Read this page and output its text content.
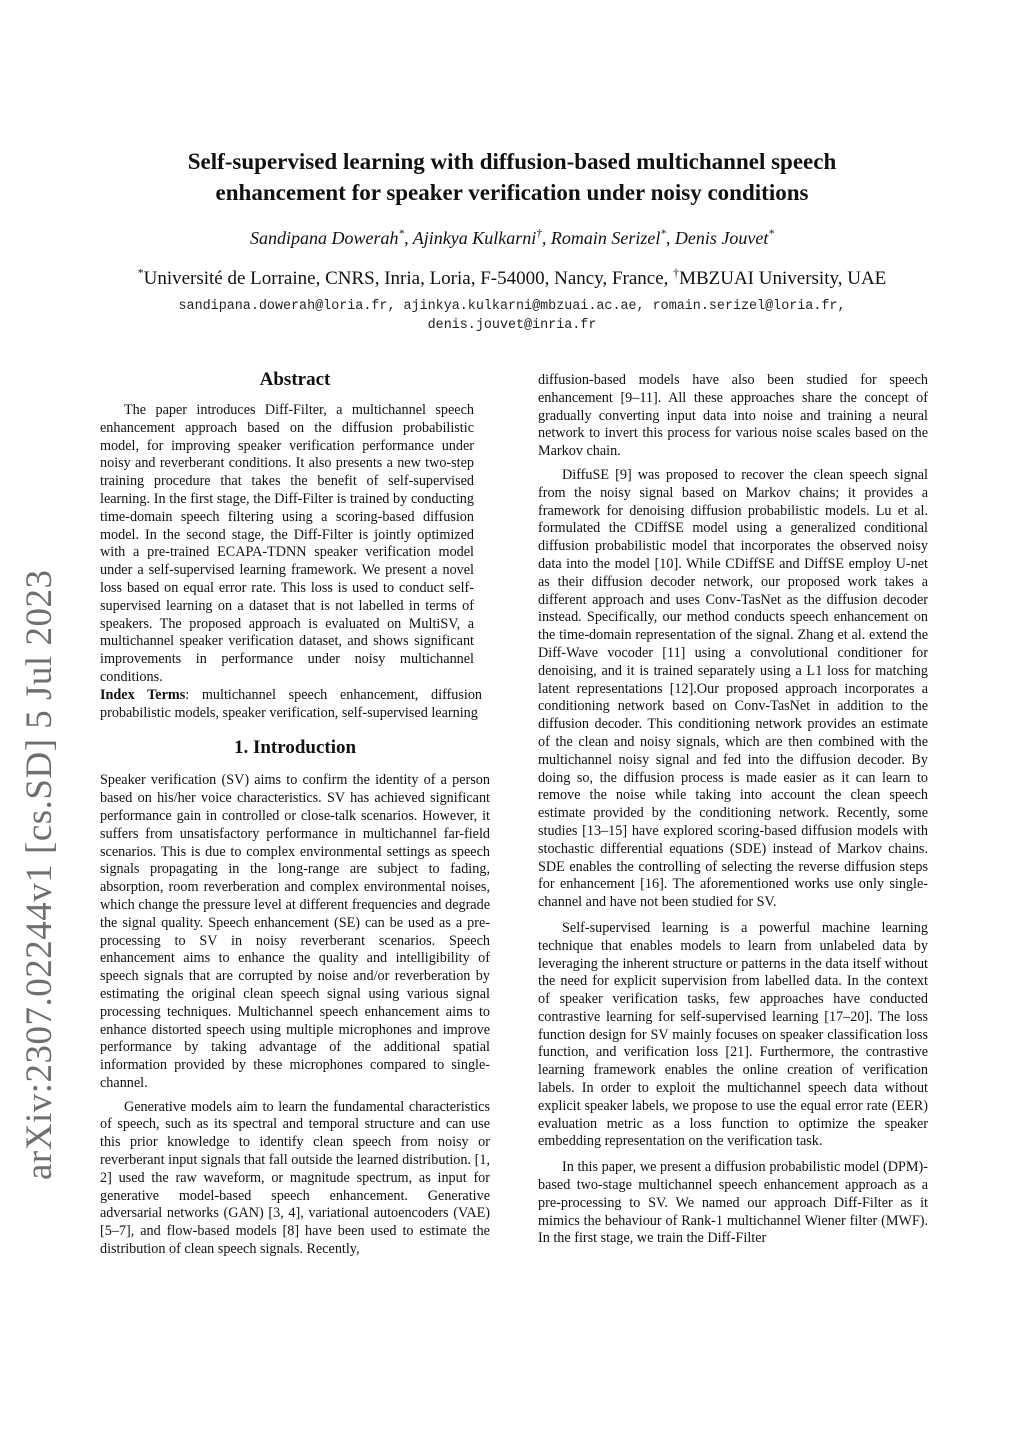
arXiv:2307.02244v1 [cs.SD] 5 Jul 2023
Self-supervised learning with diffusion-based multichannel speech
enhancement for speaker verification under noisy conditions
Sandipana Dowerah*, Ajinkya Kulkarni†, Romain Serizel*, Denis Jouvet*
*Université de Lorraine, CNRS, Inria, Loria, F-54000, Nancy, France, †MBZUAI University, UAE
sandipana.dowerah@loria.fr, ajinkya.kulkarni@mbzuai.ac.ae, romain.serizel@loria.fr,
denis.jouvet@inria.fr
Abstract

The paper introduces Diff-Filter, a multichannel speech enhancement approach based on the diffusion probabilistic model, for improving speaker verification performance under noisy and reverberant conditions. It also presents a new two-step training procedure that takes the benefit of self-supervised learning. In the first stage, the Diff-Filter is trained by conducting time-domain speech filtering using a scoring-based diffusion model. In the second stage, the Diff-Filter is jointly optimized with a pre-trained ECAPA-TDNN speaker verification model under a self-supervised learning framework. We present a novel loss based on equal error rate. This loss is used to conduct self-supervised learning on a dataset that is not labelled in terms of speakers. The proposed approach is evaluated on MultiSV, a multichannel speaker verification dataset, and shows significant improvements in performance under noisy multichannel conditions.

Index Terms: multichannel speech enhancement, diffusion probabilistic models, speaker verification, self-supervised learning

1. Introduction

Speaker verification (SV) aims to confirm the identity of a person based on his/her voice characteristics. SV has achieved significant performance gain in controlled or close-talk scenarios. However, it suffers from unsatisfactory performance in multichannel far-field scenarios. This is due to complex environmental settings as speech signals propagating in the long-range are subject to fading, absorption, room reverberation and complex environmental noises, which change the pressure level at different frequencies and degrade the signal quality. Speech enhancement (SE) can be used as a pre-processing to SV in noisy reverberant scenarios. Speech enhancement aims to enhance the quality and intelligibility of speech signals that are corrupted by noise and/or reverberation by estimating the original clean speech signal using various signal processing techniques. Multichannel speech enhancement aims to enhance distorted speech using multiple microphones and improve performance by taking advantage of the additional spatial information provided by these microphones compared to single-channel.

Generative models aim to learn the fundamental characteristics of speech, such as its spectral and temporal structure and can use this prior knowledge to identify clean speech from noisy or reverberant input signals that fall outside the learned distribution. [1, 2] used the raw waveform, or magnitude spectrum, as input for generative model-based speech enhancement. Generative adversarial networks (GAN) [3, 4], variational autoencoders (VAE) [5–7], and flow-based models [8] have been used to estimate the distribution of clean speech signals. Recently,

diffusion-based models have also been studied for speech enhancement [9–11]. All these approaches share the concept of gradually converting input data into noise and training a neural network to invert this process for various noise scales based on the Markov chain.

DiffuSE [9] was proposed to recover the clean speech signal from the noisy signal based on Markov chains; it provides a framework for denoising diffusion probabilistic models. Lu et al. formulated the CDiffSE model using a generalized conditional diffusion probabilistic model that incorporates the observed noisy data into the model [10]. While CDiffSE and DiffSE employ U-net as their diffusion decoder network, our proposed work takes a different approach and uses Conv-TasNet as the diffusion decoder instead. Specifically, our method conducts speech enhancement on the time-domain representation of the signal. Zhang et al. extend the Diff-Wave vocoder [11] using a convolutional conditioner for denoising, and it is trained separately using a L1 loss for matching latent representations [12].Our proposed approach incorporates a conditioning network based on Conv-TasNet in addition to the diffusion decoder. This conditioning network provides an estimate of the clean and noisy signals, which are then combined with the multichannel noisy signal and fed into the diffusion decoder. By doing so, the diffusion process is made easier as it can learn to remove the noise while taking into account the clean speech estimate provided by the conditioning network. Recently, some studies [13–15] have explored scoring-based diffusion models with stochastic differential equations (SDE) instead of Markov chains. SDE enables the controlling of selecting the reverse diffusion steps for enhancement [16]. The aforementioned works use only single-channel and have not been studied for SV.

Self-supervised learning is a powerful machine learning technique that enables models to learn from unlabeled data by leveraging the inherent structure or patterns in the data itself without the need for explicit supervision from labelled data. In the context of speaker verification tasks, few approaches have conducted contrastive learning for self-supervised learning [17–20]. The loss function design for SV mainly focuses on speaker classification loss function, and verification loss [21]. Furthermore, the contrastive learning framework enables the online creation of verification labels. In order to exploit the multichannel speech data without explicit speaker labels, we propose to use the equal error rate (EER) evaluation metric as a loss function to optimize the speaker embedding representation on the verification task.

In this paper, we present a diffusion probabilistic model (DPM)-based two-stage multichannel speech enhancement approach as a pre-processing to SV. We named our approach Diff-Filter as it mimics the behaviour of Rank-1 multichannel Wiener filter (MWF). In the first stage, we train the Diff-Filter
